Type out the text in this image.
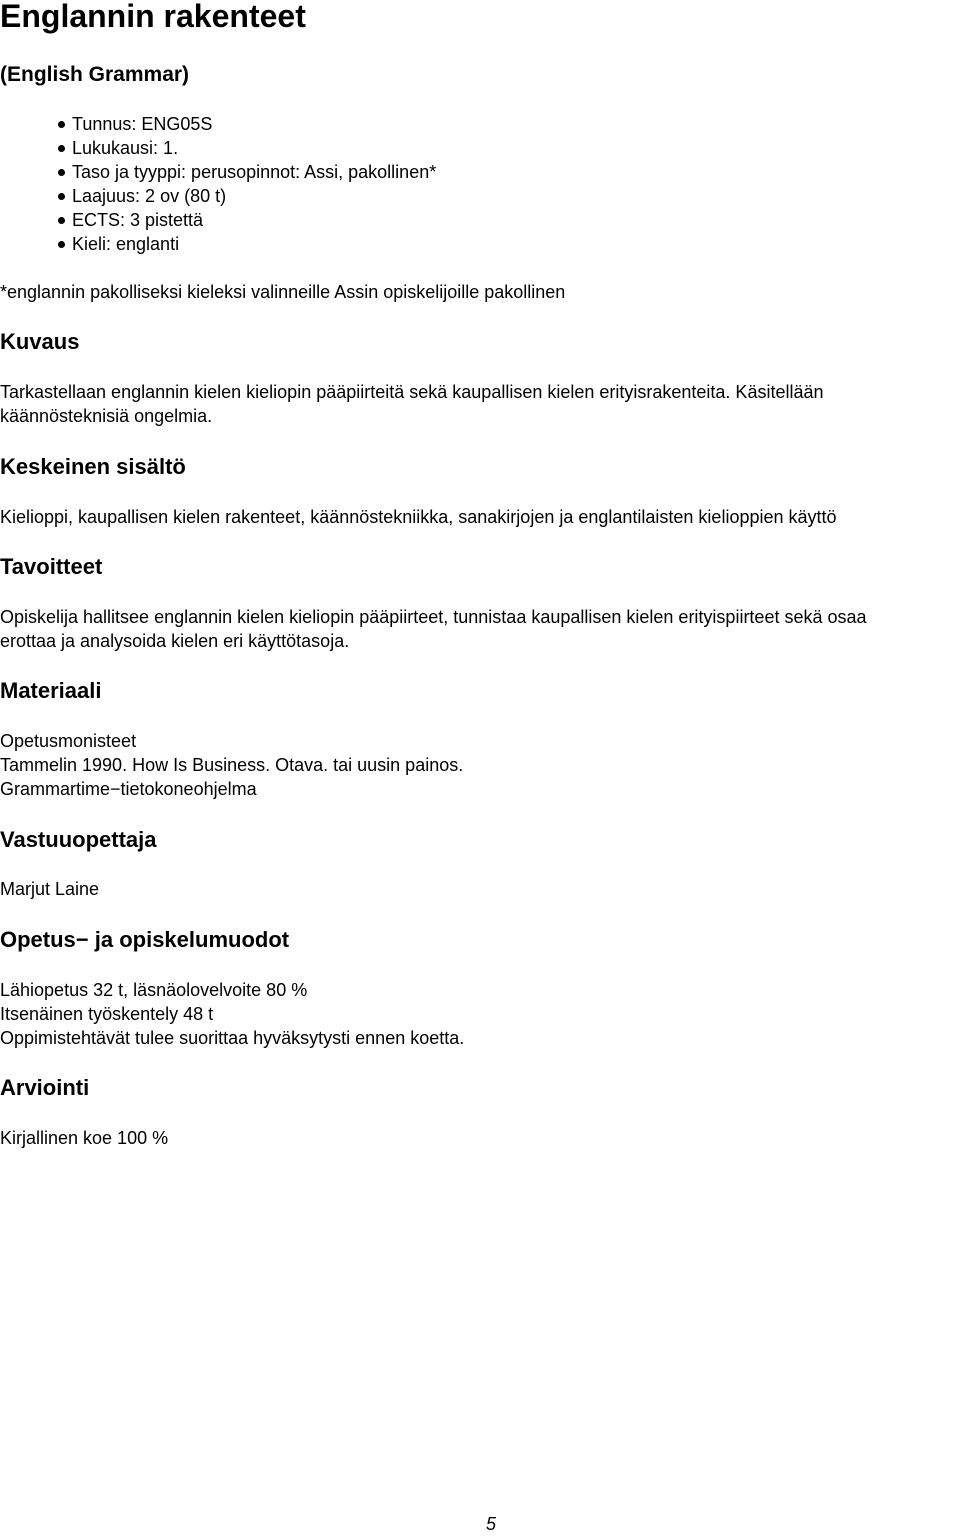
Englannin rakenteet
(English Grammar)
Tunnus: ENG05S
Lukukausi: 1.
Taso ja tyyppi: perusopinnot: Assi, pakollinen*
Laajuus: 2 ov (80 t)
ECTS: 3 pistettä
Kieli: englanti

*englannin pakolliseksi kieleksi valinneille Assin opiskelijoille pakollinen

Kuvaus

Tarkastellaan englannin kielen kieliopin pääpiirteitä sekä kaupallisen kielen erityisrakenteita. Käsitellään
käännösteknisiä ongelmia.

Keskeinen sisältö

Kielioppi, kaupallisen kielen rakenteet, käännöstekniikka, sanakirjojen ja englantilaisten kielioppien käyttö

Tavoitteet

Opiskelija hallitsee englannin kielen kieliopin pääpiirteet, tunnistaa kaupallisen kielen erityispiirteet sekä osaa
erottaa ja analysoida kielen eri käyttötasoja.

Materiaali

Opetusmonisteet
Tammelin 1990. How Is Business. Otava. tai uusin painos.
Grammartime−tietokoneohjelma

Vastuuopettaja

Marjut Laine

Opetus− ja opiskelumuodot

Lähiopetus 32 t, läsnäolovelvoite 80 %
Itsenäinen työskentely 48 t
Oppimistehtävät tulee suorittaa hyväksytysti ennen koetta.

Arviointi

Kirjallinen koe 100 %

5
